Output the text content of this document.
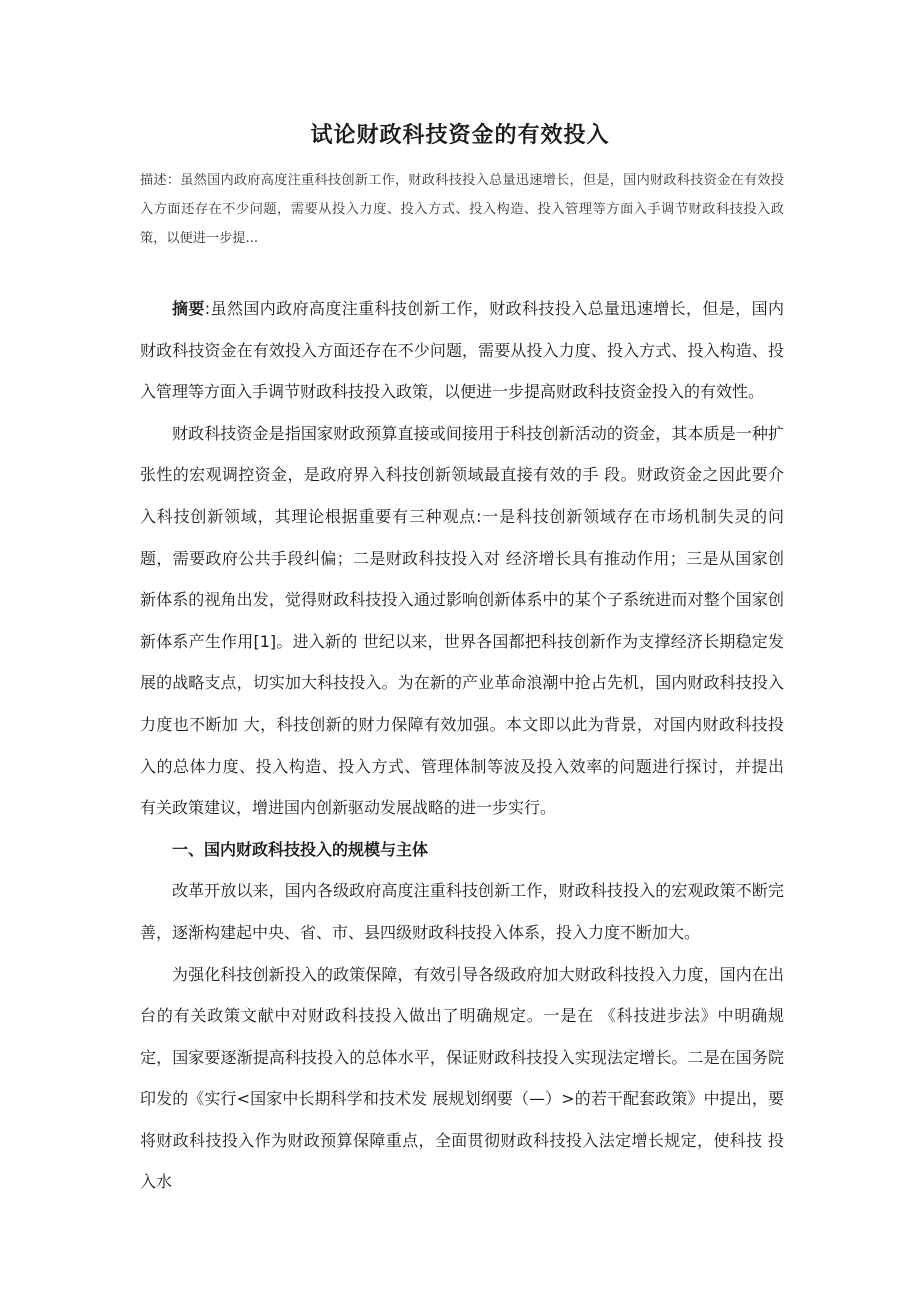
试论财政科技资金的有效投入

描述：虽然国内政府高度注重科技创新工作，财政科技投入总量迅速增长，但是，国内财政科技资金在有效投入方面还存在不少问题，需要从投入力度、投入方式、投入构造、投入管理等方面入手调节财政科技投入政策，以便进一步提...

摘要:虽然国内政府高度注重科技创新工作，财政科技投入总量迅速增长，但是，国内财政科技资金在有效投入方面还存在不少问题，需要从投入力度、投入方式、投入构造、投入管理等方面入手调节财政科技投入政策，以便进一步提高财政科技资金投入的有效性。

财政科技资金是指国家财政预算直接或间接用于科技创新活动的资金，其本质是一种扩张性的宏观调控资金，是政府界入科技创新领域最直接有效的手 段。财政资金之因此要介入科技创新领域，其理论根据重要有三种观点:一是科技创新领域存在市场机制失灵的问题，需要政府公共手段纠偏；二是财政科技投入对 经济增长具有推动作用；三是从国家创新体系的视角出发，觉得财政科技投入通过影响创新体系中的某个子系统进而对整个国家创新体系产生作用[1]。进入新的 世纪以来，世界各国都把科技创新作为支撑经济长期稳定发展的战略支点，切实加大科技投入。为在新的产业革命浪潮中抢占先机，国内财政科技投入力度也不断加 大，科技创新的财力保障有效加强。本文即以此为背景，对国内财政科技投入的总体力度、投入构造、投入方式、管理体制等波及投入效率的问题进行探讨，并提出 有关政策建议，增进国内创新驱动发展战略的进一步实行。

一、国内财政科技投入的规模与主体

改革开放以来，国内各级政府高度注重科技创新工作，财政科技投入的宏观政策不断完善，逐渐构建起中央、省、市、县四级财政科技投入体系，投入力度不断加大。

为强化科技创新投入的政策保障，有效引导各级政府加大财政科技投入力度，国内在出台的有关政策文献中对财政科技投入做出了明确规定。一是在 《科技进步法》中明确规定，国家要逐渐提高科技投入的总体水平，保证财政科技投入实现法定增长。二是在国务院印发的《实行<国家中长期科学和技术发 展规划纲要（—）>的若干配套政策》中提出，要将财政科技投入作为财政预算保障重点，全面贯彻财政科技投入法定增长规定，使科技 投入水
